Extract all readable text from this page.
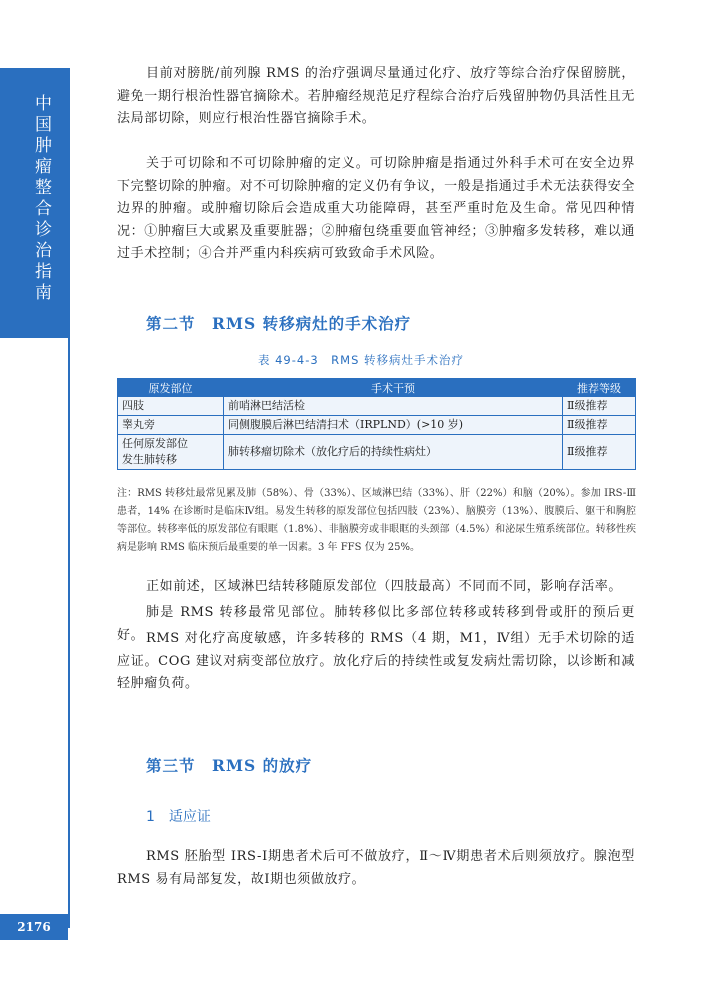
中国肿瘤整合诊治指南
目前对膀胱/前列腺 RMS 的治疗强调尽量通过化疗、放疗等综合治疗保留膀胱，避免一期行根治性器官摘除术。若肿瘤经规范足疗程综合治疗后残留肿物仍具活性且无法局部切除，则应行根治性器官摘除手术。
关于可切除和不可切除肿瘤的定义。可切除肿瘤是指通过外科手术可在安全边界下完整切除的肿瘤。对不可切除肿瘤的定义仍有争议，一般是指通过手术无法获得安全边界的肿瘤。或肿瘤切除后会造成重大功能障碍，甚至严重时危及生命。常见四种情况：①肿瘤巨大或累及重要脏器；②肿瘤包绕重要血管神经；③肿瘤多发转移，难以通过手术控制；④合并严重内科疾病可致致命手术风险。
第二节　RMS 转移病灶的手术治疗
表 49-4-3　RMS 转移病灶手术治疗
原发部位	手术干预	推荐等级
四肢	前哨淋巴结活检	Ⅱ级推荐
睾丸旁	同侧腹膜后淋巴结清扫术（IRPLND）(>10 岁)	Ⅱ级推荐
任何原发部位
发生肺转移	肺转移瘤切除术（放化疗后的持续性病灶）	Ⅱ级推荐
注：RMS 转移灶最常见累及肺（58%）、骨（33%）、区域淋巴结（33%）、肝（22%）和脑（20%）。参加 IRS-Ⅲ患者，14% 在诊断时是临床Ⅳ组。易发生转移的原发部位包括四肢（23%）、脑膜旁（13%）、腹膜后、躯干和胸腔等部位。转移率低的原发部位有眼眶（1.8%）、非脑膜旁或非眼眶的头颈部（4.5%）和泌尿生殖系统部位。转移性疾病是影响 RMS 临床预后最重要的单一因素。3 年 FFS 仅为 25%。
正如前述，区域淋巴结转移随原发部位（四肢最高）不同而不同，影响存活率。
肺是 RMS 转移最常见部位。肺转移似比多部位转移或转移到骨或肝的预后更好。 RMS 对化疗高度敏感，许多转移的 RMS（4 期，M1，Ⅳ组）无手术切除的适应证。COG 建议对病变部位放疗。放化疗后的持续性或复发病灶需切除，以诊断和减轻肿瘤负荷。
第三节　RMS 的放疗
1　适应证
RMS 胚胎型 IRS-Ⅰ期患者术后可不做放疗，Ⅱ～Ⅳ期患者术后则须放疗。腺泡型 RMS 易有局部复发，故Ⅰ期也须做放疗。
2176
